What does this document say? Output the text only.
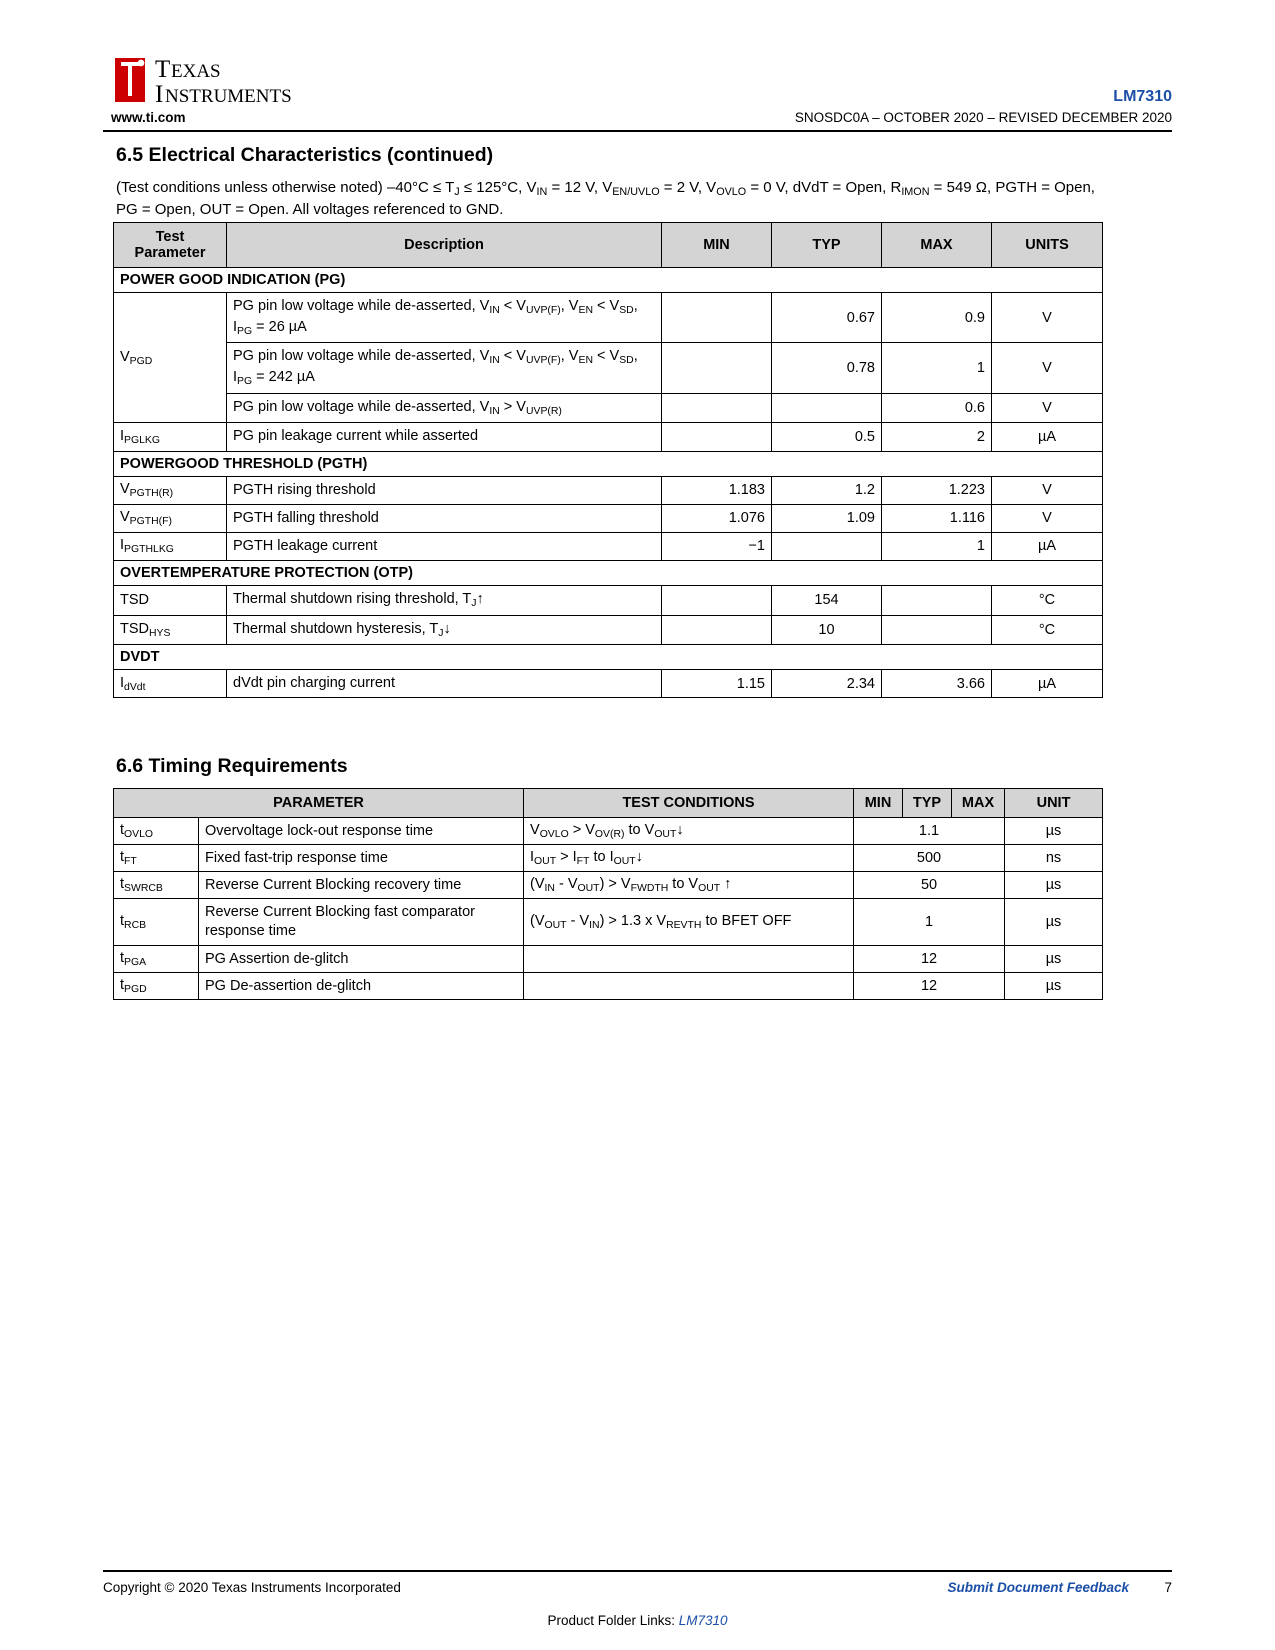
T EXAS
I NSTRUMENTS
www.ti.com
LM7310
SNOSDC0A – OCTOBER 2020 – REVISED DECEMBER 2020
6.5 Electrical Characteristics (continued)
(Test conditions unless otherwise noted) $-40^\circ C \le T_J \le 125^\circ C$, $V_{IN} = 12$ V, $V_{EN/UVLO} = 2$ V, $V_{OVLO} = 0$ V, dVdT = Open, $R_{IMON} = 549$ Ω, PGTH = Open, PG = Open, OUT = Open. All voltages referenced to GND.
Test
Parameter	Description	MIN	TYP	MAX	UNITS
POWER GOOD INDICATION (PG)					
$V_{PGD}$	PG pin low voltage while de-asserted, $V_{IN} < V_{UVP(F)}$, $V_{EN} < V_{SD}$, $I_{PG} = 26$ µA		0.67	0.9	V
	PG pin low voltage while de-asserted, $V_{IN} < V_{UVP(F)}$, $V_{EN} < V_{SD}$, $I_{PG} = 242$ µA		0.78	1	V
	PG pin low voltage while de-asserted, $V_{IN} > V_{UVP(R)}$			0.6	V
$I_{PGLKG}$	PG pin leakage current while asserted		0.5	2	µA
POWERGOOD THRESHOLD (PGTH)					
$V_{PGTH(R)}$	PGTH rising threshold	1.183	1.2	1.223	V
$V_{PGTH(F)}$	PGTH falling threshold	1.076	1.09	1.116	V
$I_{PGTHLKG}$	PGTH leakage current	−1		1	µA
OVERTEMPERATURE PROTECTION (OTP)					
TSD	Thermal shutdown rising threshold, $T_J↑$		154		°C
$TSD_{HYS}$	Thermal shutdown hysteresis, $T_J↓$		10		°C
DVDT					
$I_{dVdt}$	dVdt pin charging current	1.15	2.34	3.66	µA
6.6 Timing Requirements
PARAMETER		TEST CONDITIONS	MIN	TYP	MAX	UNIT
$t_{OVLO}$	Overvoltage lock-out response time	$V_{OVLO} > V_{OV(R)}$ to $V_{OUT}↓$	1.1			µs
$t_{FT}$	Fixed fast-trip response time	$I_{OUT} > I_{FT}$ to $I_{OUT}↓$	500			ns
$t_{SWRCB}$	Reverse Current Blocking recovery time	$(V_{IN} - V_{OUT}) > V_{FWDTH}$ to $V_{OUT}$ ↑	50			µs
$t_{RCB}$	Reverse Current Blocking fast comparator response time	$(V_{OUT} - V_{IN}) > 1.3$ x $V_{REVTH}$ to BFET OFF	1			µs
$t_{PGA}$	PG Assertion de-glitch		12			µs
$t_{PGD}$	PG De-assertion de-glitch		12			µs
Copyright © 2020 Texas Instruments Incorporated	Submit Document Feedback	7
Product Folder Links: LM7310
